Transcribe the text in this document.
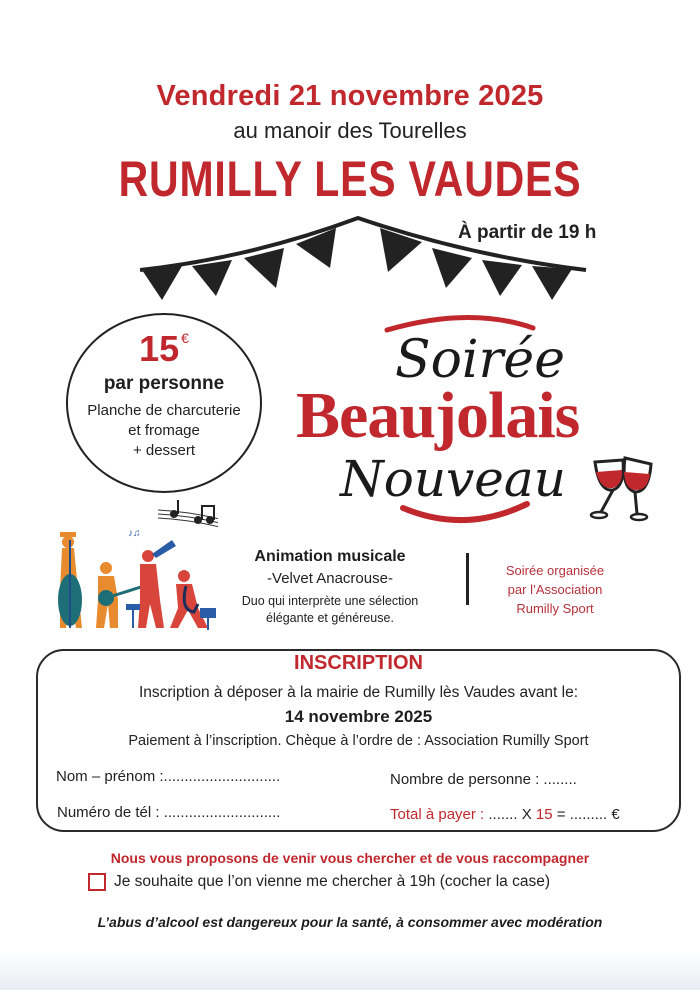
Vendredi 21 novembre 2025
au manoir des Tourelles
RUMILLY LES VAUDES
À partir de 19 h
15 €
par personne
Planche de charcuterie
et fromage
+ dessert
Soirée
Beaujolais
Nouveau
♪♫
Animation musicale
-Velvet Anacrouse-
Duo qui interprète une sélection
élégante et généreuse.
Soirée organisée
par l’Association
Rumilly Sport
INSCRIPTION
Inscription à déposer à la mairie de Rumilly lès Vaudes avant le:
14 novembre 2025
Paiement à l’inscription. Chèque à l’ordre de : Association Rumilly Sport
Nom – prénom :............................	Nombre de personne : ........
Numéro de tél : ............................	Total à payer : ....... X 15 = ......... €
Nous vous proposons de venir vous chercher et de vous raccompagner
Je souhaite que l’on vienne me chercher à 19h (cocher la case)
L’abus d’alcool est dangereux pour la santé, à consommer avec modération
